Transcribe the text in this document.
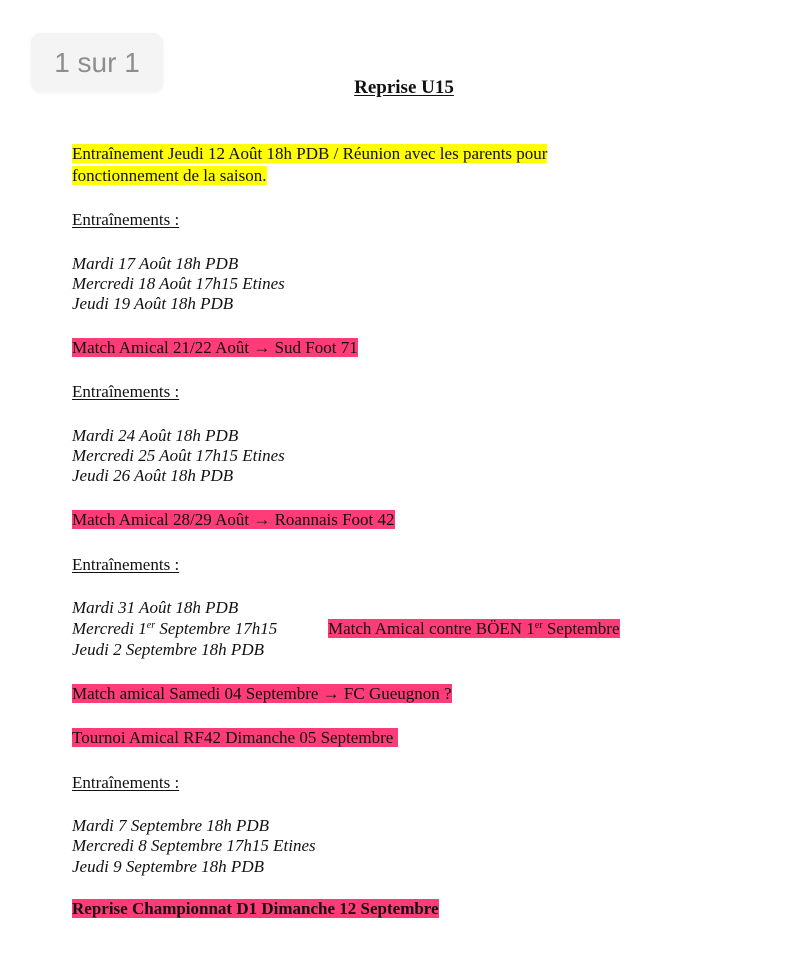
1 sur 1
Reprise U15
Entraînement Jeudi 12 Août 18h PDB / Réunion avec les parents pour
fonctionnement de la saison.
Entraînements :
Mardi 17 Août 18h PDB
Mercredi 18 Août 17h15 Etines
Jeudi 19 Août 18h PDB
Match Amical 21/22 Août → Sud Foot 71
Entraînements :
Mardi 24 Août 18h PDB
Mercredi 25 Août 17h15 Etines
Jeudi 26 Août 18h PDB
Match Amical 28/29 Août → Roannais Foot 42
Entraînements :
Mardi 31 Août 18h PDB
Mercredi 1er Septembre 17h15
Jeudi 2 Septembre 18h PDB
Match Amical contre BÖEN 1er Septembre
Match amical Samedi 04 Septembre → FC Gueugnon ?
Tournoi Amical RF42 Dimanche 05 Septembre
Entraînements :
Mardi 7 Septembre 18h PDB
Mercredi 8 Septembre 17h15 Etines
Jeudi 9 Septembre 18h PDB
Reprise Championnat D1 Dimanche 12 Septembre
